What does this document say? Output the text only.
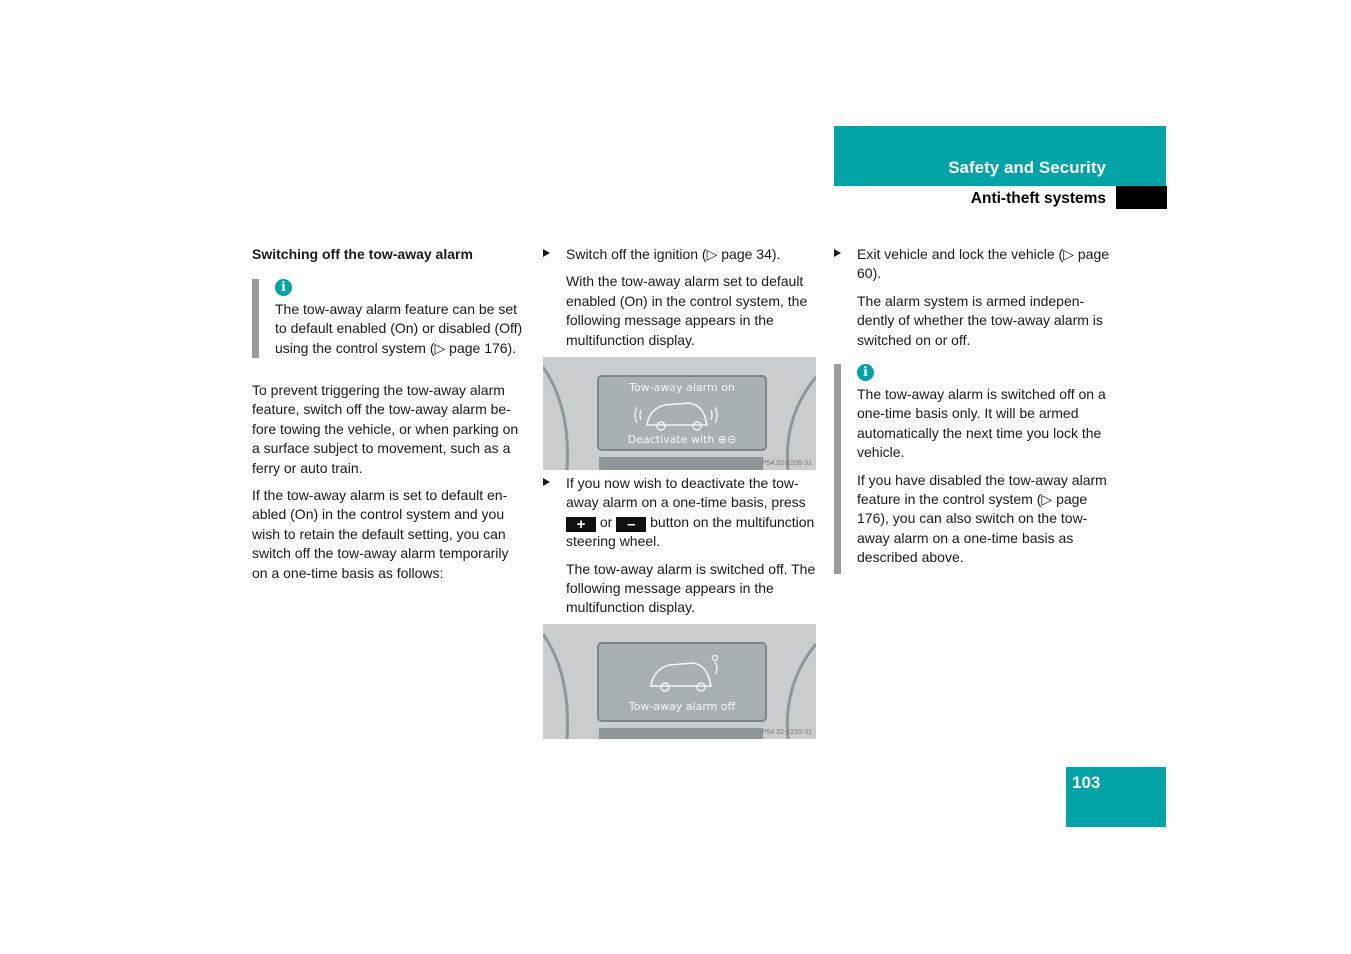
Safety and Security
Anti-theft systems

Switching off the tow-away alarm

i
The tow-away alarm feature can be set to default enabled (On) or disabled (Off) using the control system (▷ page 176).

To prevent triggering the tow-away alarm feature, switch off the tow-away alarm be-fore towing the vehicle, or when parking on a surface subject to movement, such as a ferry or auto train.

If the tow-away alarm is set to default en-abled (On) in the control system and you wish to retain the default setting, you can switch off the tow-away alarm temporarily on a one-time basis as follows:

Switch off the ignition (▷ page 34).

With the tow-away alarm set to default enabled (On) in the control system, the following message appears in the multifunction display.

Tow-away alarm on
Deactivate with ⊕⊖
P54.32-2206-31
If you now wish to deactivate the tow-away alarm on a one-time basis, press + or – button on the multifunction steering wheel.

The tow-away alarm is switched off. The following message appears in the multifunction display.

Tow-away alarm off
P54.32-2210-31
Exit vehicle and lock the vehicle (▷ page 60).

The alarm system is armed indepen-dently of whether the tow-away alarm is switched on or off.

i

The tow-away alarm is switched off on a one-time basis only. It will be armed automatically the next time you lock the vehicle.

If you have disabled the tow-away alarm feature in the control system (▷ page 176), you can also switch on the tow-away alarm on a one-time basis as described above.

103
